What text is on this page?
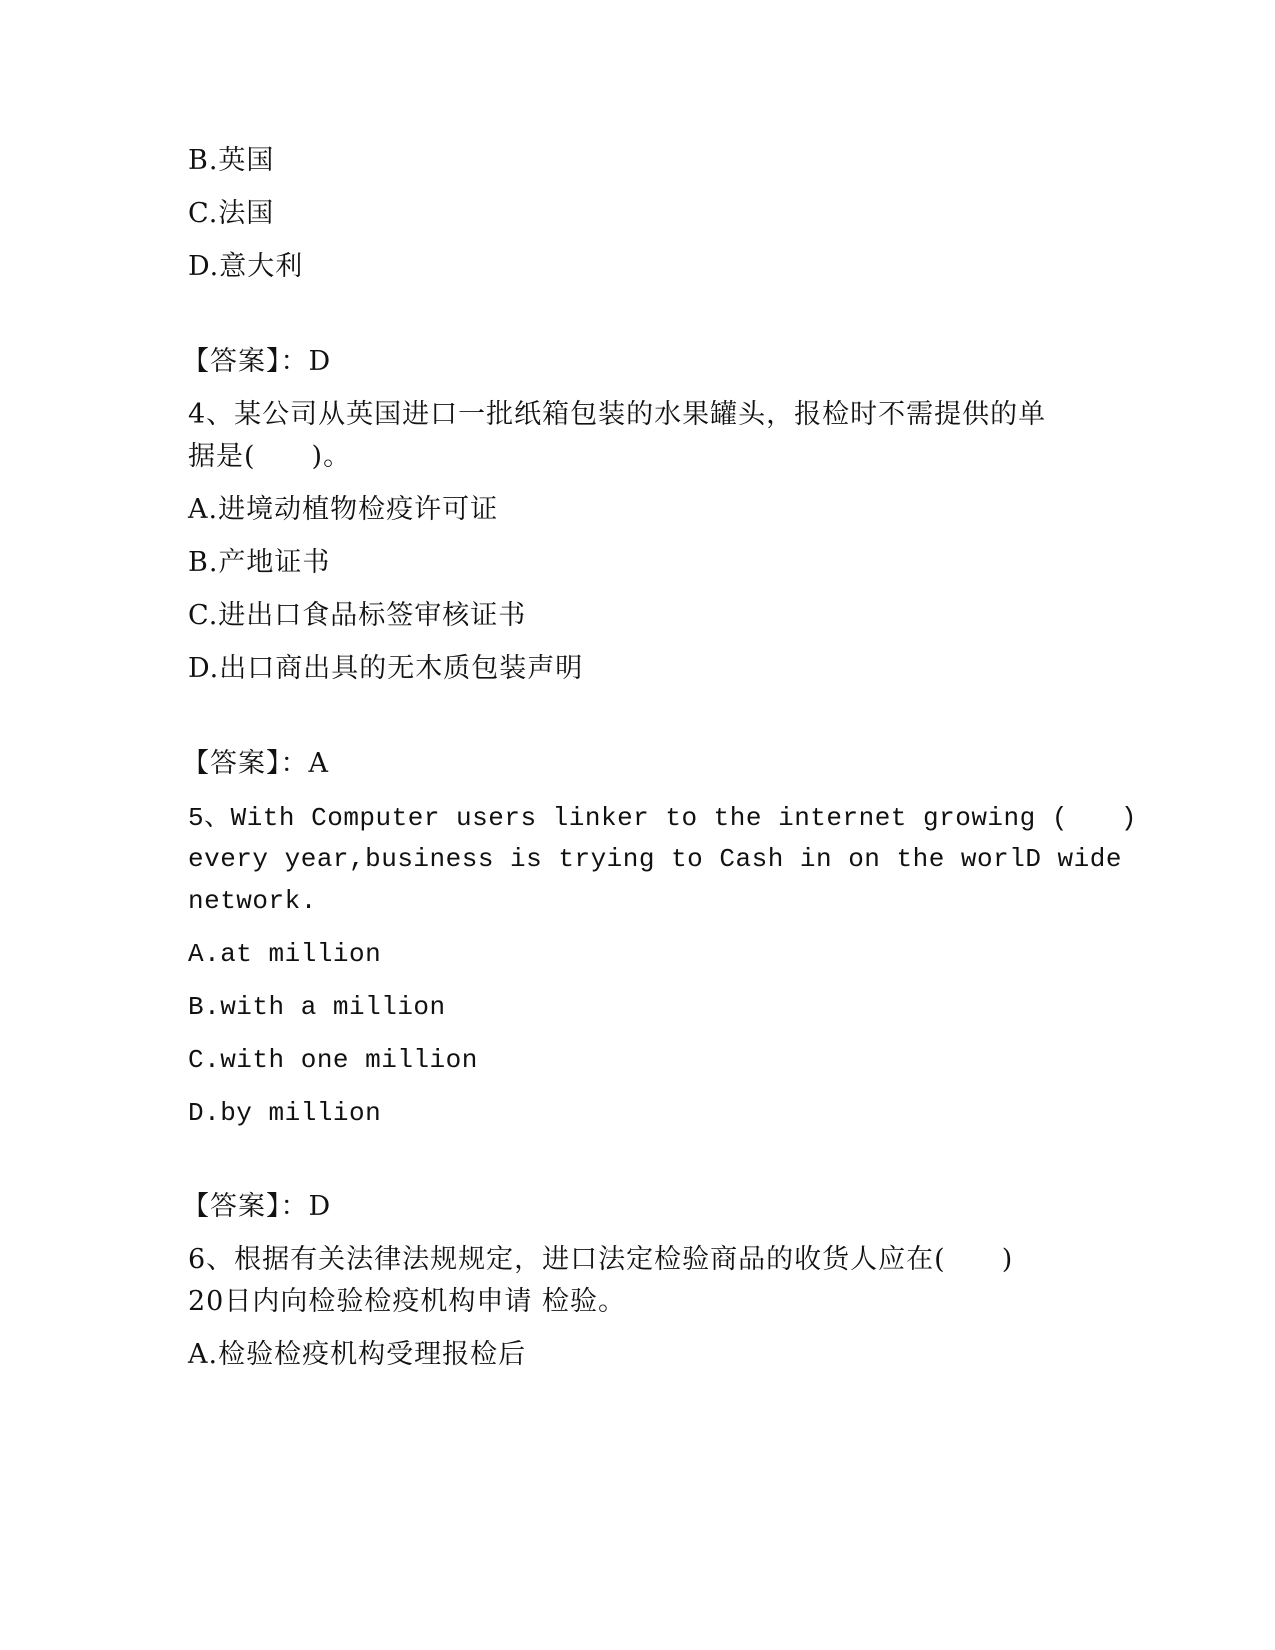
B.英国
C.法国
D.意大利
【答案】：D
4、某公司从英国进口一批纸箱包装的水果罐头，报检时不需提供的单
据是(　　)。
A.进境动植物检疫许可证
B.产地证书
C.进出口食品标签审核证书
D.出口商出具的无木质包装声明
【答案】：A
5、With Computer users linker to the internet growing (　　)
every year,business is trying to Cash in on the worlD wide
network.
A.at million
B.with a million
C.with one million
D.by million
【答案】：D
6、根据有关法律法规规定，进口法定检验商品的收货人应在(　　)
20日内向检验检疫机构申请 检验。
A.检验检疫机构受理报检后
